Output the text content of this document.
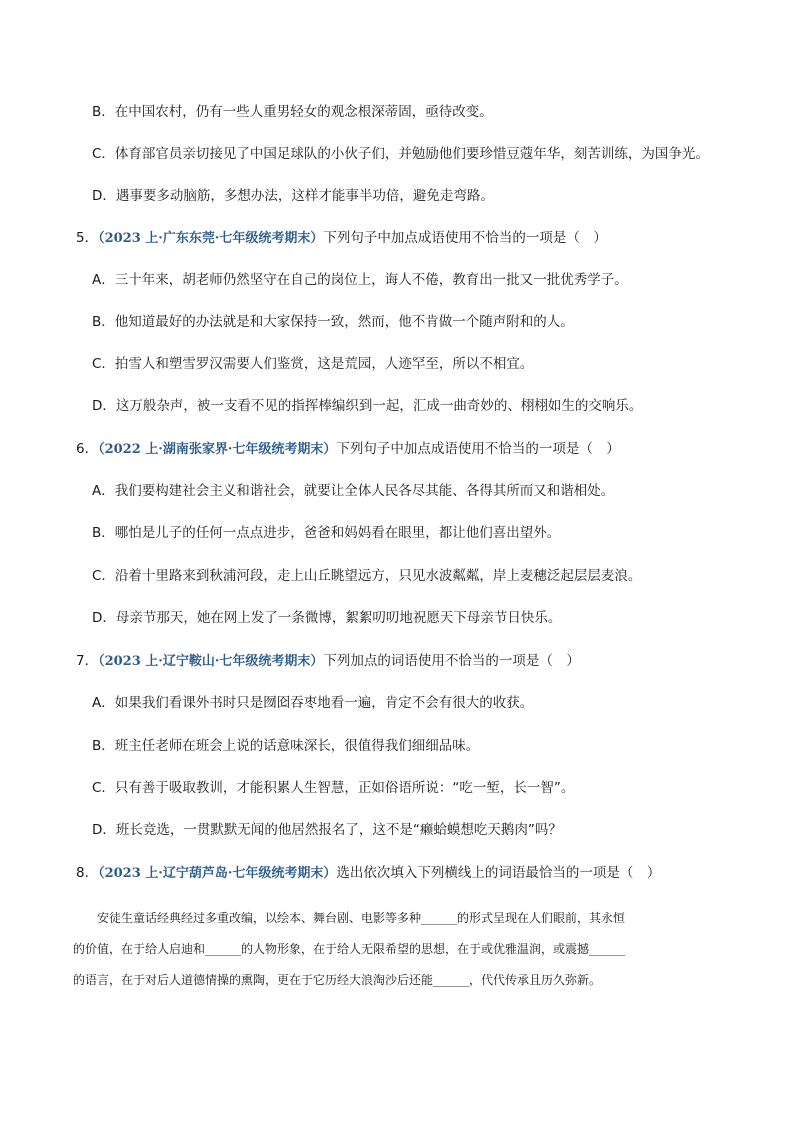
B．在中国农村，仍有一些人重男轻女的观念根深蒂固，亟待改变。
C．体育部官员亲切接见了中国足球队的小伙子们，并勉励他们要珍惜豆蔻年华，刻苦训练，为国争光。
D．遇事要多动脑筋，多想办法，这样才能事半功倍，避免走弯路。
5．（2023 上·广东东莞·七年级统考期末）下列句子中加点成语使用不恰当的一项是（　）
A．三十年来，胡老师仍然坚守在自己的岗位上，诲人不倦，教育出一批又一批优秀学子。
B．他知道最好的办法就是和大家保持一致，然而，他不肯做一个随声附和的人。
C．拍雪人和塑雪罗汉需要人们鉴赏，这是荒园，人迹罕至，所以不相宜。
D．这万般杂声，被一支看不见的指挥棒编织到一起，汇成一曲奇妙的、栩栩如生的交响乐。
6．（2022 上·湖南张家界·七年级统考期末）下列句子中加点成语使用不恰当的一项是（　）
A．我们要构建社会主义和谐社会，就要让全体人民各尽其能、各得其所而又和谐相处。
B．哪怕是儿子的任何一点点进步，爸爸和妈妈看在眼里，都让他们喜出望外。
C．沿着十里路来到秋浦河段，走上山丘眺望远方，只见水波粼粼，岸上麦穗泛起层层麦浪。
D．母亲节那天，她在网上发了一条微博，絮絮叨叨地祝愿天下母亲节日快乐。
7．（2023 上·辽宁鞍山·七年级统考期末）下列加点的词语使用不恰当的一项是（　）
A．如果我们看课外书时只是囫囵吞枣地看一遍，肯定不会有很大的收获。
B．班主任老师在班会上说的话意味深长，很值得我们细细品味。
C．只有善于吸取教训，才能积累人生智慧，正如俗语所说：“吃一堑，长一智”。
D．班长竞选，一贯默默无闻的他居然报名了，这不是“癞蛤蟆想吃天鹅肉”吗？
8．（2023 上·辽宁葫芦岛·七年级统考期末）选出依次填入下列横线上的词语最恰当的一项是（　）
安徒生童话经典经过多重改编，以绘本、舞台剧、电影等多种______的形式呈现在人们眼前，其永恒
的价值，在于给人启迪和______的人物形象，在于给人无限希望的思想，在于或优雅温润，或震撼______
的语言，在于对后人道德情操的熏陶，更在于它历经大浪淘沙后还能______，代代传承且历久弥新。
